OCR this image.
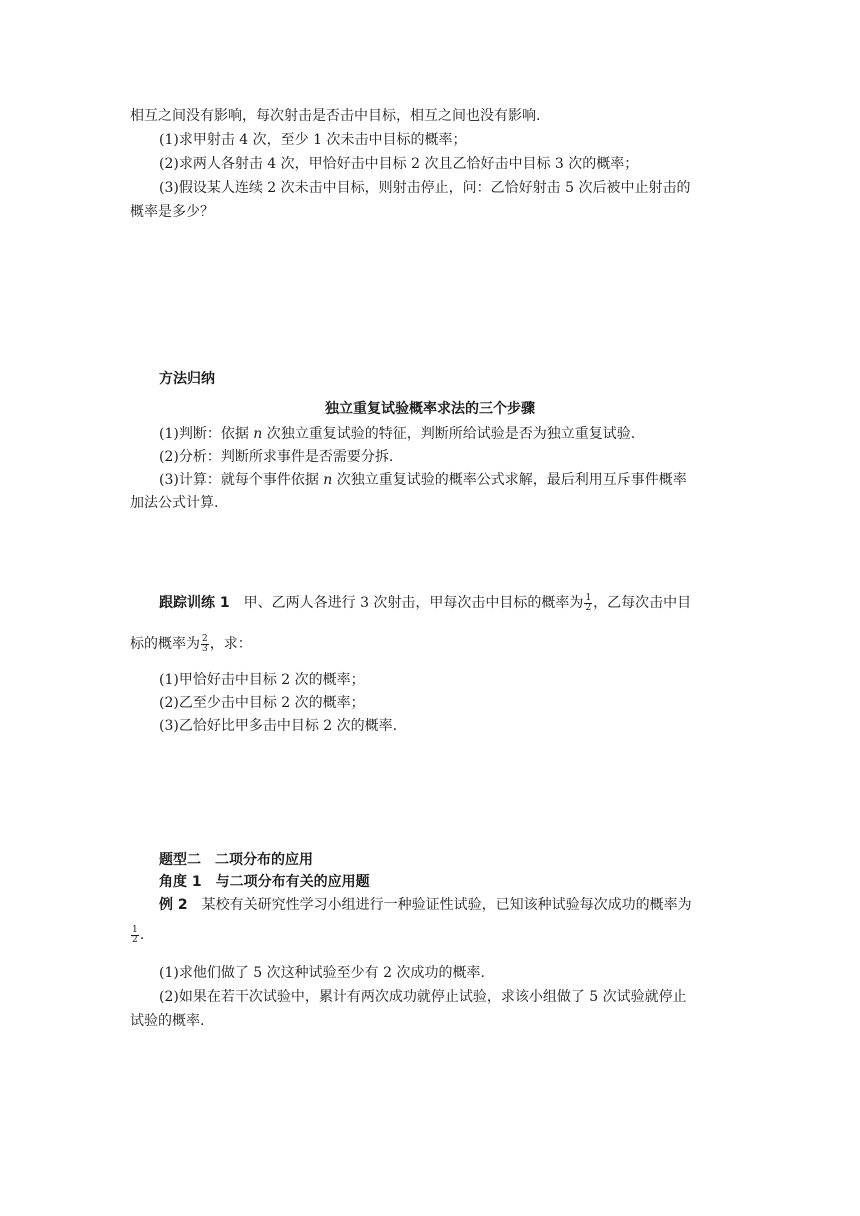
相互之间没有影响，每次射击是否击中目标，相互之间也没有影响.
(1)求甲射击 4 次，至少 1 次未击中目标的概率；
(2)求两人各射击 4 次，甲恰好击中目标 2 次且乙恰好击中目标 3 次的概率；
(3)假设某人连续 2 次未击中目标，则射击停止，问：乙恰好射击 5 次后被中止射击的
概率是多少？
方法归纳
独立重复试验概率求法的三个步骤
(1)判断：依据 n 次独立重复试验的特征，判断所给试验是否为独立重复试验.
(2)分析：判断所求事件是否需要分拆.
(3)计算：就每个事件依据 n 次独立重复试验的概率公式求解，最后利用互斥事件概率
加法公式计算.
跟踪训练 1　 甲、乙两人各进行 3 次射击，甲每次击中目标的概率为 $\frac{1}{2}$ ，乙每次击中目
标的概率为 $\frac{2}{3}$ ，求：
(1)甲恰好击中目标 2 次的概率；
(2)乙至少击中目标 2 次的概率；
(3)乙恰好比甲多击中目标 2 次的概率.
题型二　二项分布的应用
角度 1　与二项分布有关的应用题
例 2　 某校有关研究性学习小组进行一种验证性试验，已知该种试验每次成功的概率为
$\frac{1}{2}$ .
(1)求他们做了 5 次这种试验至少有 2 次成功的概率.
(2)如果在若干次试验中，累计有两次成功就停止试验，求该小组做了 5 次试验就停止
试验的概率.
